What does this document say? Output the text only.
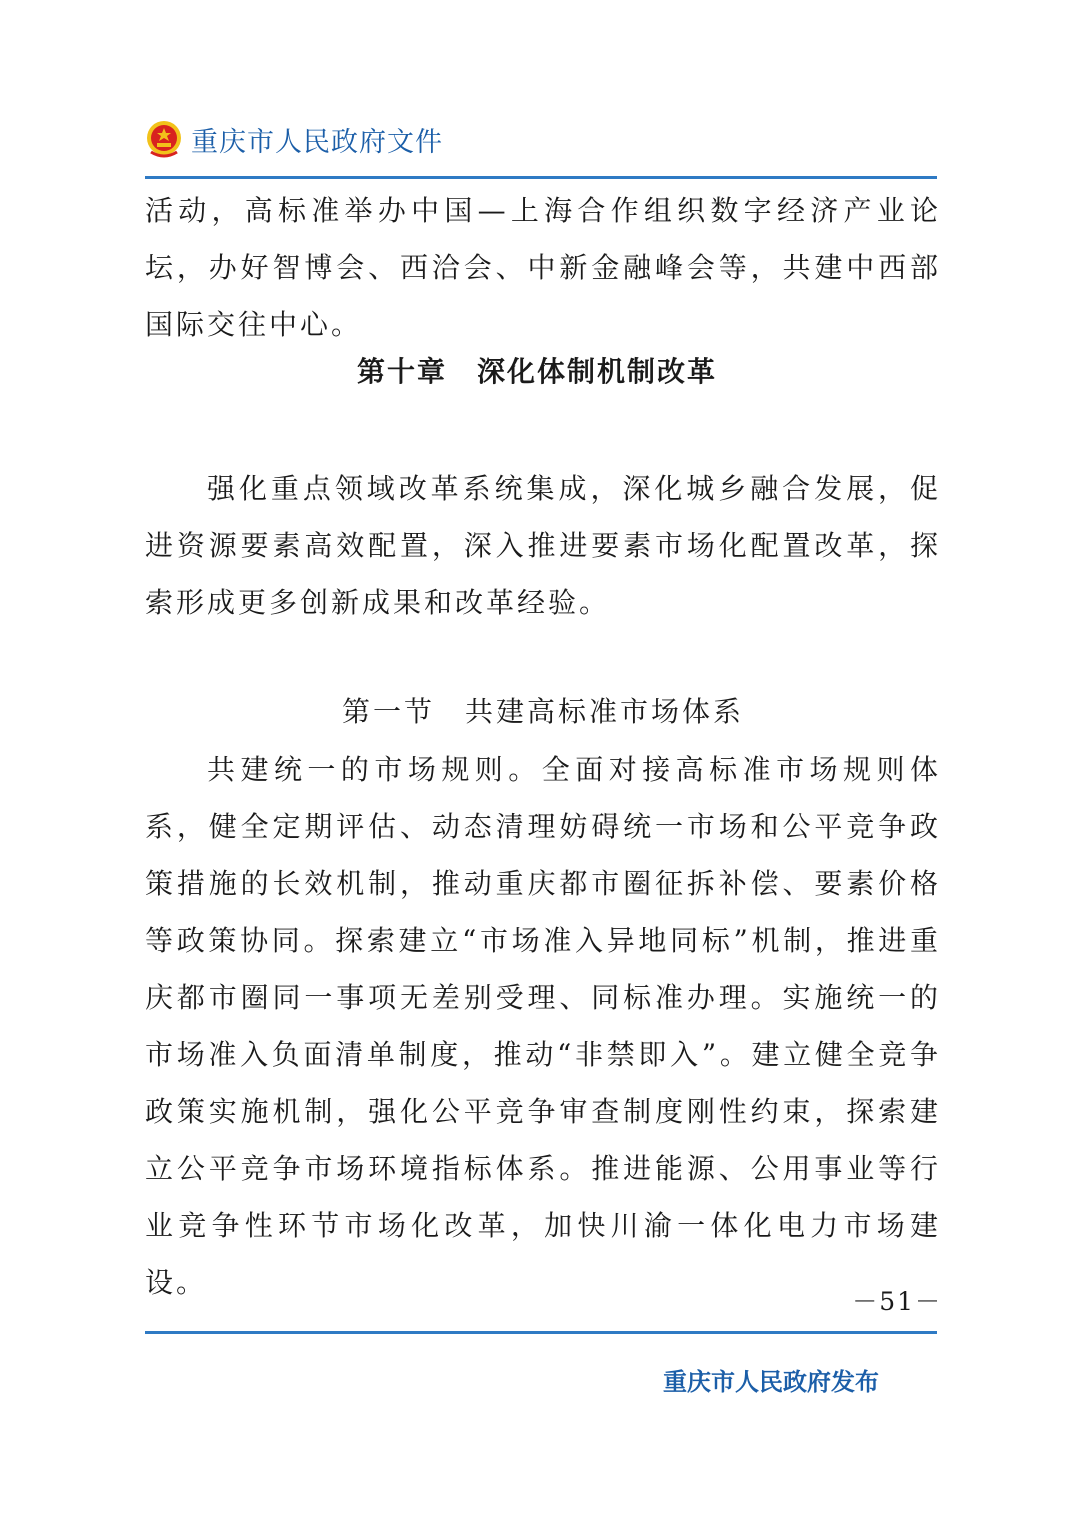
重庆市人民政府文件

活动，高标准举办中国—上海合作组织数字经济产业论坛，办好智博会、西洽会、中新金融峰会等，共建中西部国际交往中心。

第十章 深化体制机制改革

强化重点领域改革系统集成，深化城乡融合发展，促进资源要素高效配置，深入推进要素市场化配置改革，探索形成更多创新成果和改革经验。

第一节 共建高标准市场体系

共建统一的市场规则。全面对接高标准市场规则体系，健全定期评估、动态清理妨碍统一市场和公平竞争政策措施的长效机制，推动重庆都市圈征拆补偿、要素价格等政策协同。探索建立“市场准入异地同标”机制，推进重庆都市圈同一事项无差别受理、同标准办理。实施统一的市场准入负面清单制度，推动“非禁即入”。建立健全竞争政策实施机制，强化公平竞争审查制度刚性约束，探索建立公平竞争市场环境指标体系。推进能源、公用事业等行业竞争性环节市场化改革，加快川渝一体化电力市场建设。

－51－
重庆市人民政府发布
